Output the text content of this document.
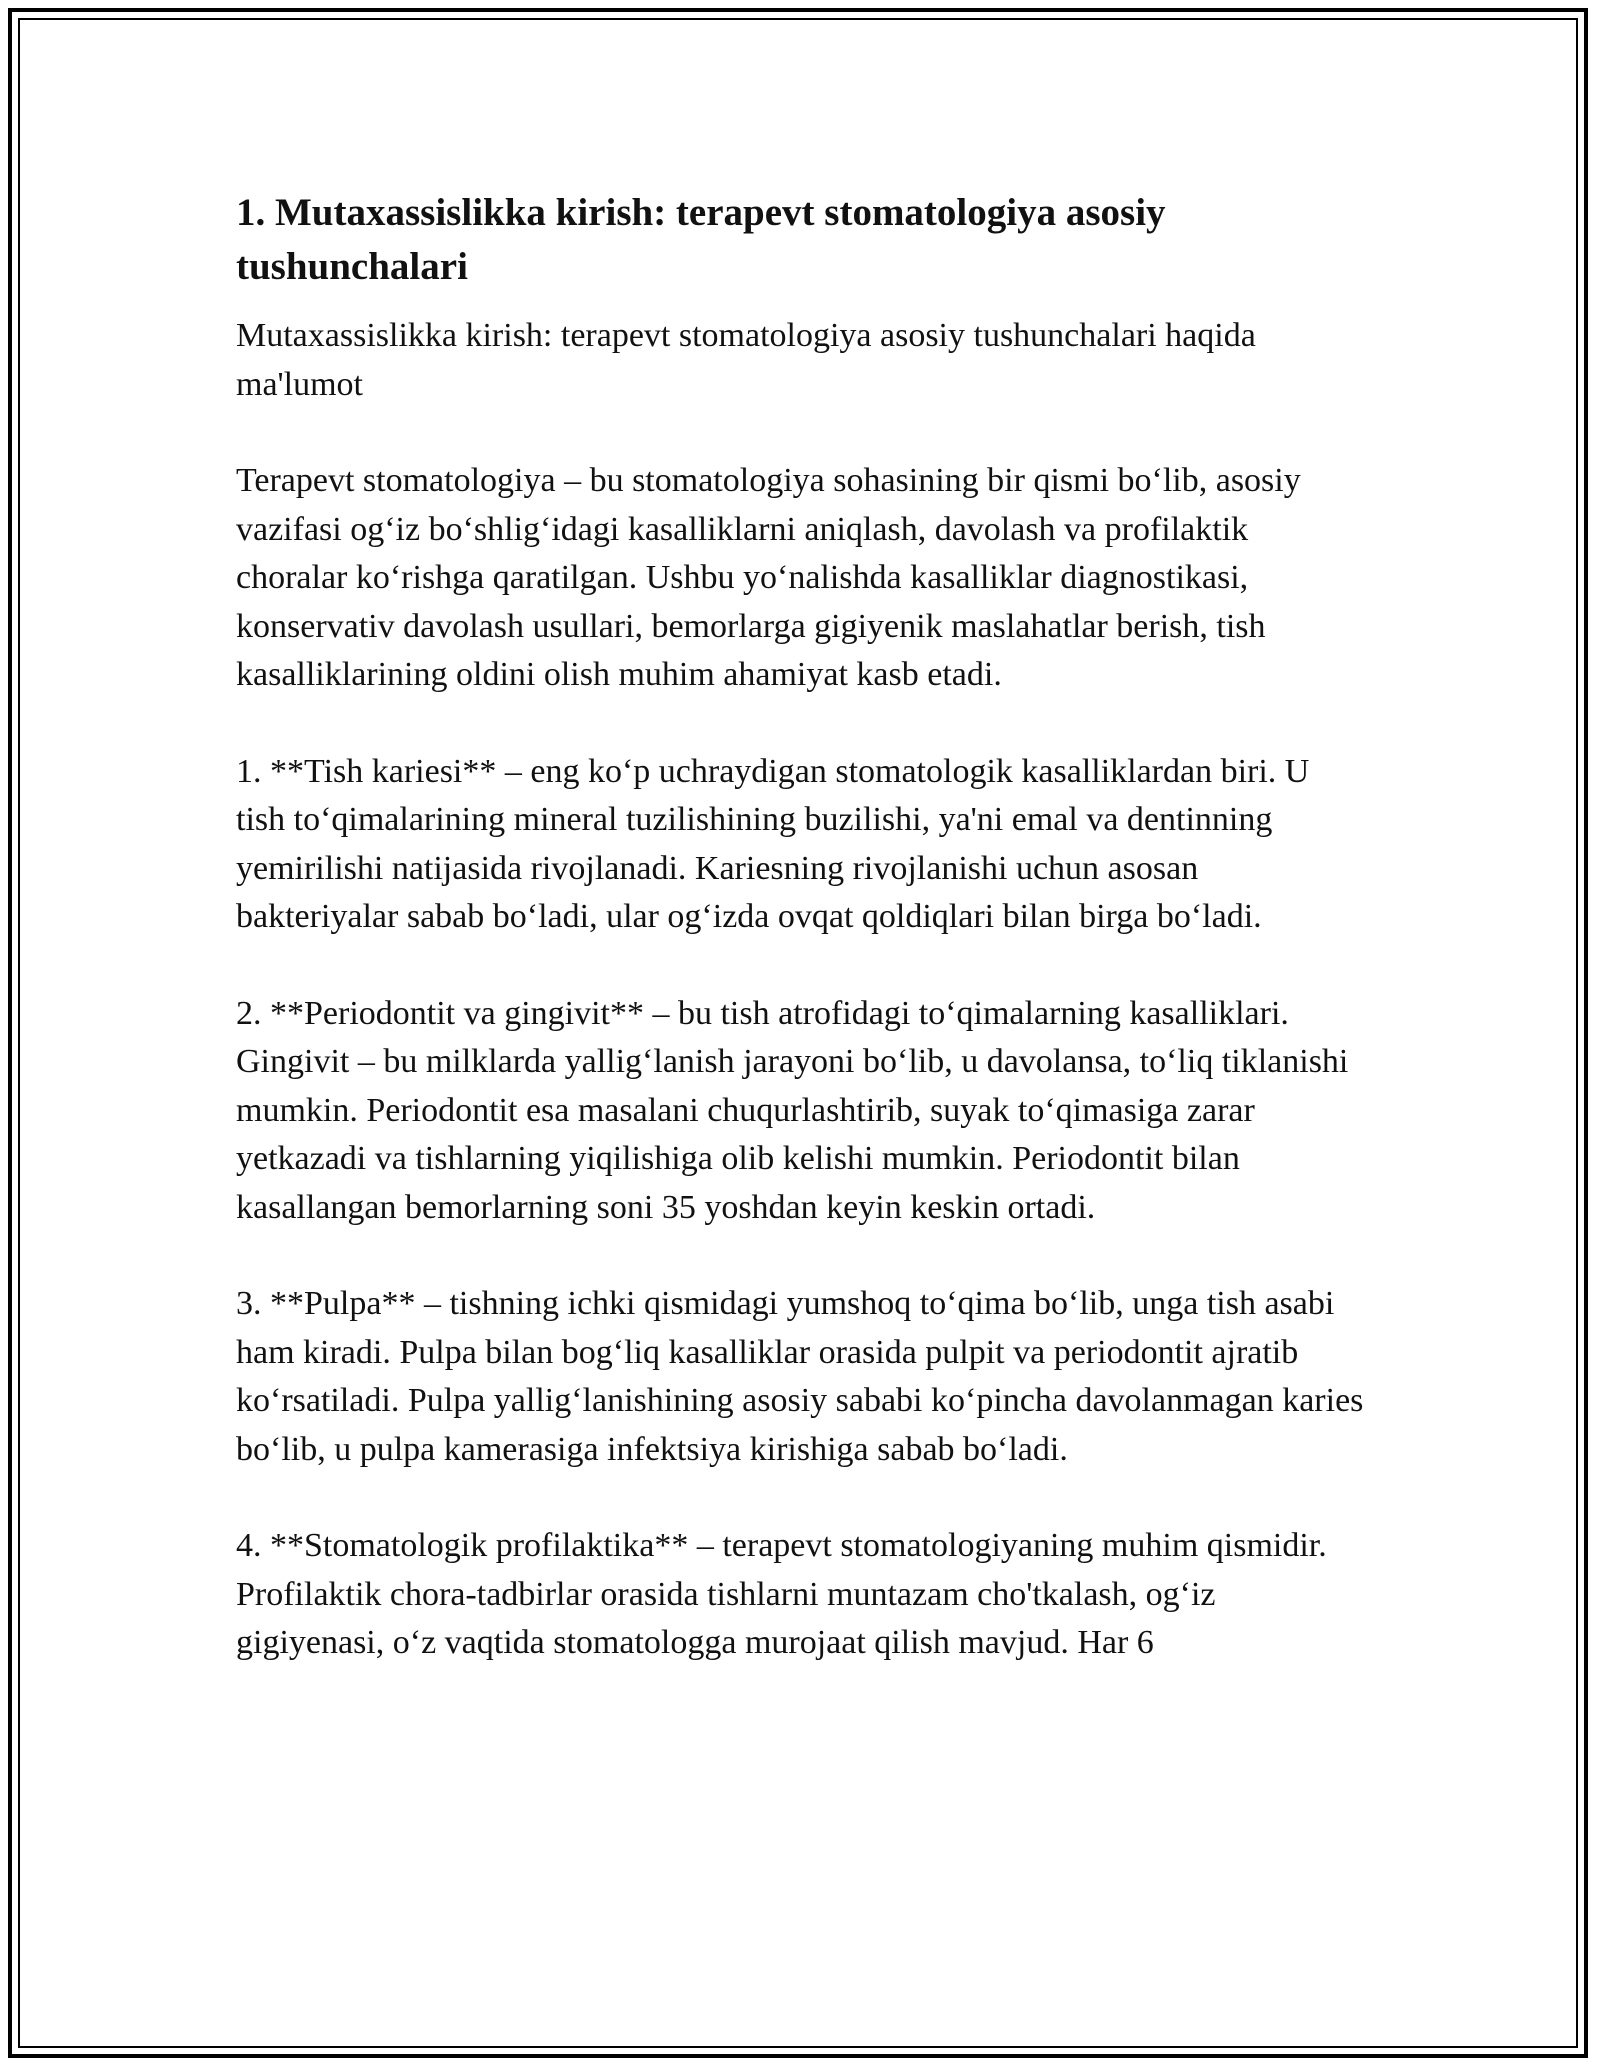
1. Mutaxassislikka kirish: terapevt stomatologiya asosiy tushunchalari

Mutaxassislikka kirish: terapevt stomatologiya asosiy tushunchalari haqida ma'lumot

Terapevt stomatologiya – bu stomatologiya sohasining bir qismi bo‘lib, asosiy vazifasi og‘iz bo‘shlig‘idagi kasalliklarni aniqlash, davolash va profilaktik choralar ko‘rishga qaratilgan. Ushbu yo‘nalishda kasalliklar diagnostikasi, konservativ davolash usullari, bemorlarga gigiyenik maslahatlar berish, tish kasalliklarining oldini olish muhim ahamiyat kasb etadi.

1. **Tish kariesi** – eng ko‘p uchraydigan stomatologik kasalliklardan biri. U tish to‘qimalarining mineral tuzilishining buzilishi, ya'ni emal va dentinning yemirilishi natijasida rivojlanadi. Kariesning rivojlanishi uchun asosan bakteriyalar sabab bo‘ladi, ular og‘izda ovqat qoldiqlari bilan birga bo‘ladi.

2. **Periodontit va gingivit** – bu tish atrofidagi to‘qimalarning kasalliklari. Gingivit – bu milklarda yallig‘lanish jarayoni bo‘lib, u davolansa, to‘liq tiklanishi mumkin. Periodontit esa masalani chuqurlashtirib, suyak to‘qimasiga zarar yetkazadi va tishlarning yiqilishiga olib kelishi mumkin. Periodontit bilan kasallangan bemorlarning soni 35 yoshdan keyin keskin ortadi.

3. **Pulpa** – tishning ichki qismidagi yumshoq to‘qima bo‘lib, unga tish asabi ham kiradi. Pulpa bilan bog‘liq kasalliklar orasida pulpit va periodontit ajratib ko‘rsatiladi. Pulpa yallig‘lanishining asosiy sababi ko‘pincha davolanmagan karies bo‘lib, u pulpa kamerasiga infektsiya kirishiga sabab bo‘ladi.

4. **Stomatologik profilaktika** – terapevt stomatologiyaning muhim qismidir. Profilaktik chora-tadbirlar orasida tishlarni muntazam cho'tkalash, og‘iz gigiyenasi, o‘z vaqtida stomatologga murojaat qilish mavjud. Har 6
